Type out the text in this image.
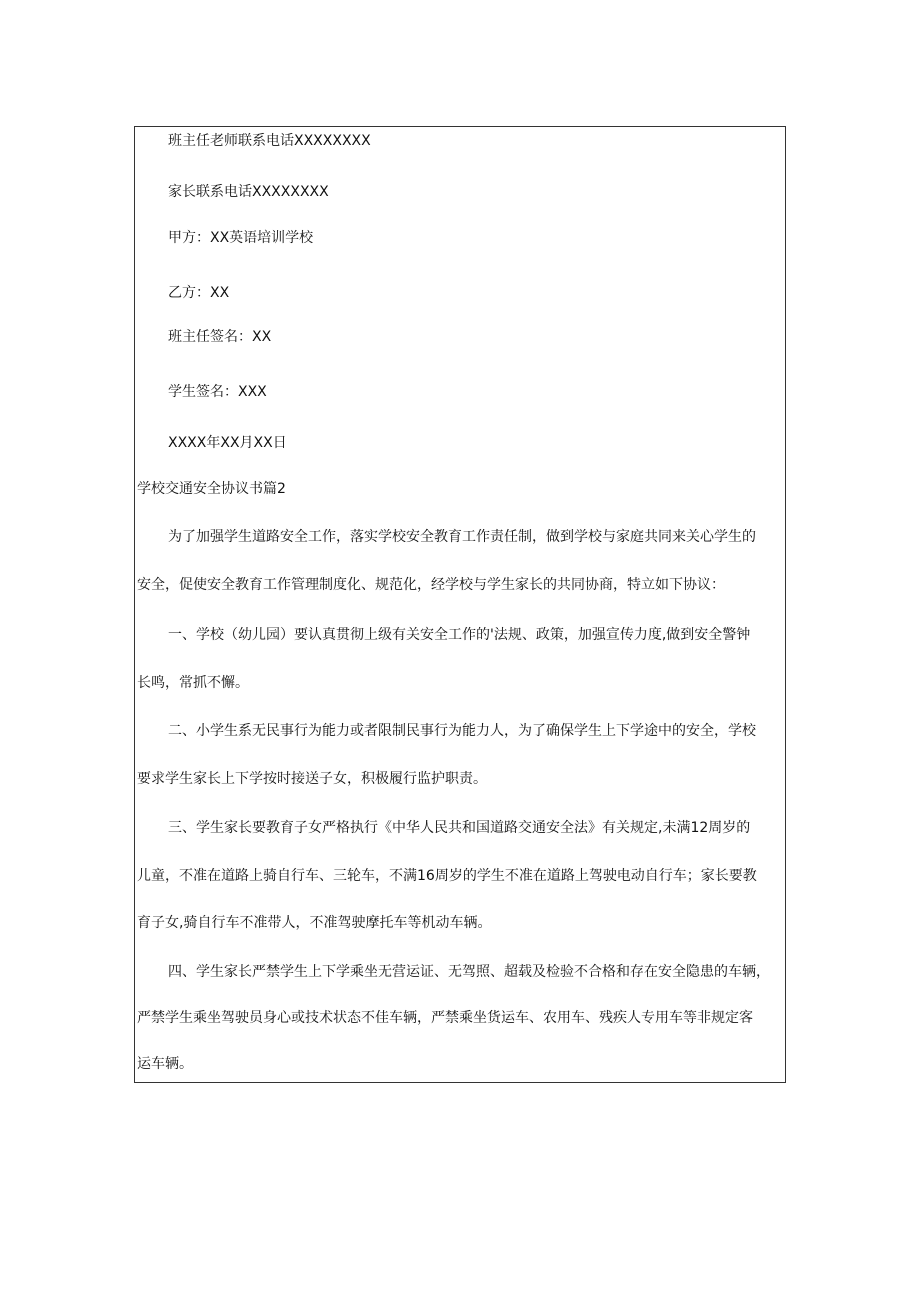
班主任老师联系电话XXXXXXXX
家长联系电话XXXXXXXX
甲方：XX英语培训学校
乙方：XX
班主任签名：XX
学生签名：XXX
XXXX年XX月XX日
学校交通安全协议书篇2
为了加强学生道路安全工作，落实学校安全教育工作责任制，做到学校与家庭共同来关心学生的
安全，促使安全教育工作管理制度化、规范化，经学校与学生家长的共同协商，特立如下协议：
一、学校（幼儿园）要认真贯彻上级有关安全工作的'法规、政策，加强宣传力度,做到安全警钟
长鸣，常抓不懈。
二、小学生系无民事行为能力或者限制民事行为能力人，为了确保学生上下学途中的安全，学校
要求学生家长上下学按时接送子女，积极履行监护职责。
三、学生家长要教育子女严格执行《中华人民共和国道路交通安全法》有关规定,未满12周岁的
儿童，不准在道路上骑自行车、三轮车，不满16周岁的学生不准在道路上驾驶电动自行车；家长要教
育子女,骑自行车不准带人，不准驾驶摩托车等机动车辆。
四、学生家长严禁学生上下学乘坐无营运证、无驾照、超载及检验不合格和存在安全隐患的车辆，
严禁学生乘坐驾驶员身心或技术状态不佳车辆，严禁乘坐货运车、农用车、残疾人专用车等非规定客
运车辆。
